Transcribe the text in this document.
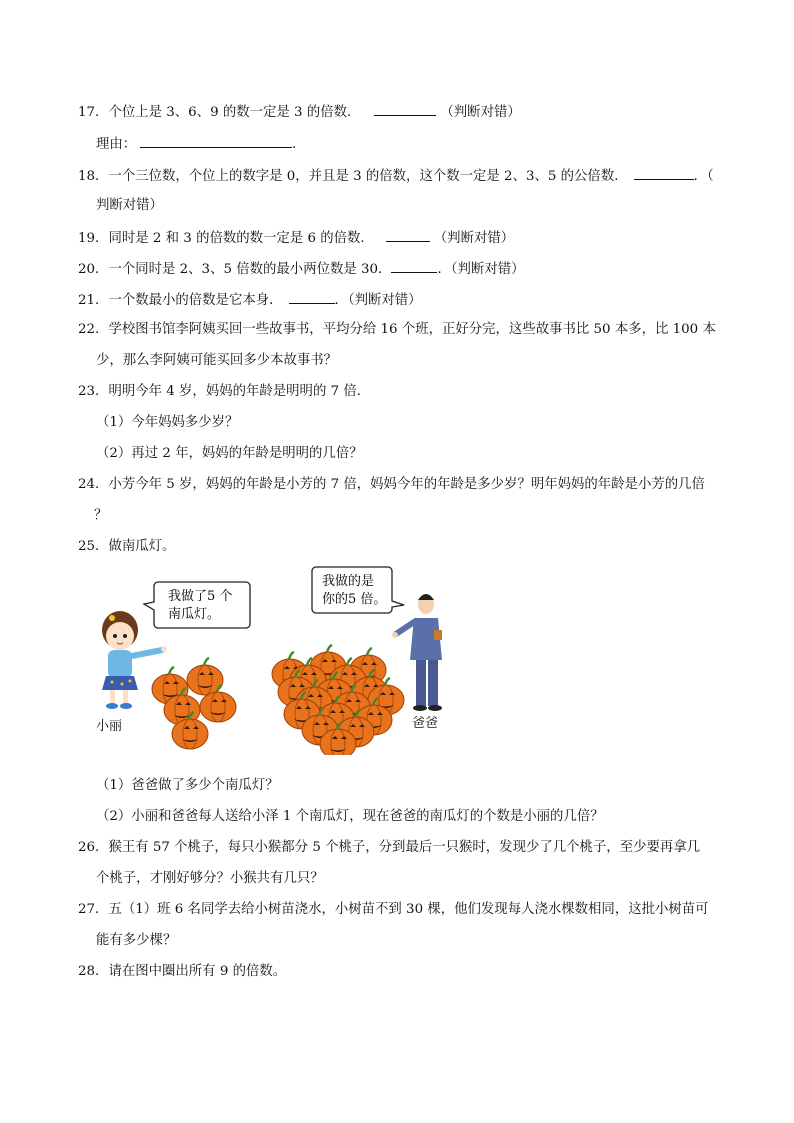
17．个位上是 3、6、9 的数一定是 3 的倍数．	（判断对错）
理由：	．
18．一个三位数，个位上的数字是 0，并且是 3 的倍数，这个数一定是 2、3、5 的公倍数．	．（
判断对错）
19．同时是 2 和 3 的倍数的数一定是 6 的倍数．	（判断对错）
20．一个同时是 2、3、5 倍数的最小两位数是 30．	．（判断对错）
21．一个数最小的倍数是它本身．	．（判断对错）
22．学校图书馆李阿姨买回一些故事书，平均分给 16 个班，正好分完，这些故事书比 50 本多，比 100 本
少，那么李阿姨可能买回多少本故事书？
23．明明今年 4 岁，妈妈的年龄是明明的 7 倍．
（1）今年妈妈多少岁？
（2）再过 2 年，妈妈的年龄是明明的几倍？
24．小芳今年 5 岁，妈妈的年龄是小芳的 7 倍，妈妈今年的年龄是多少岁？明年妈妈的年龄是小芳的几倍
？
25．做南瓜灯。
我做了5 个
南瓜灯。
我做的是
你的5 倍。
小丽	爸爸
（1）爸爸做了多少个南瓜灯？
（2）小丽和爸爸每人送给小泽 1 个南瓜灯，现在爸爸的南瓜灯的个数是小丽的几倍？
26．猴王有 57 个桃子，每只小猴都分 5 个桃子，分到最后一只猴时，发现少了几个桃子，至少要再拿几
个桃子，才刚好够分？小猴共有几只？
27．五（1）班 6 名同学去给小树苗浇水，小树苗不到 30 棵，他们发现每人浇水棵数相同，这批小树苗可
能有多少棵？
28．请在图中圈出所有 9 的倍数。
